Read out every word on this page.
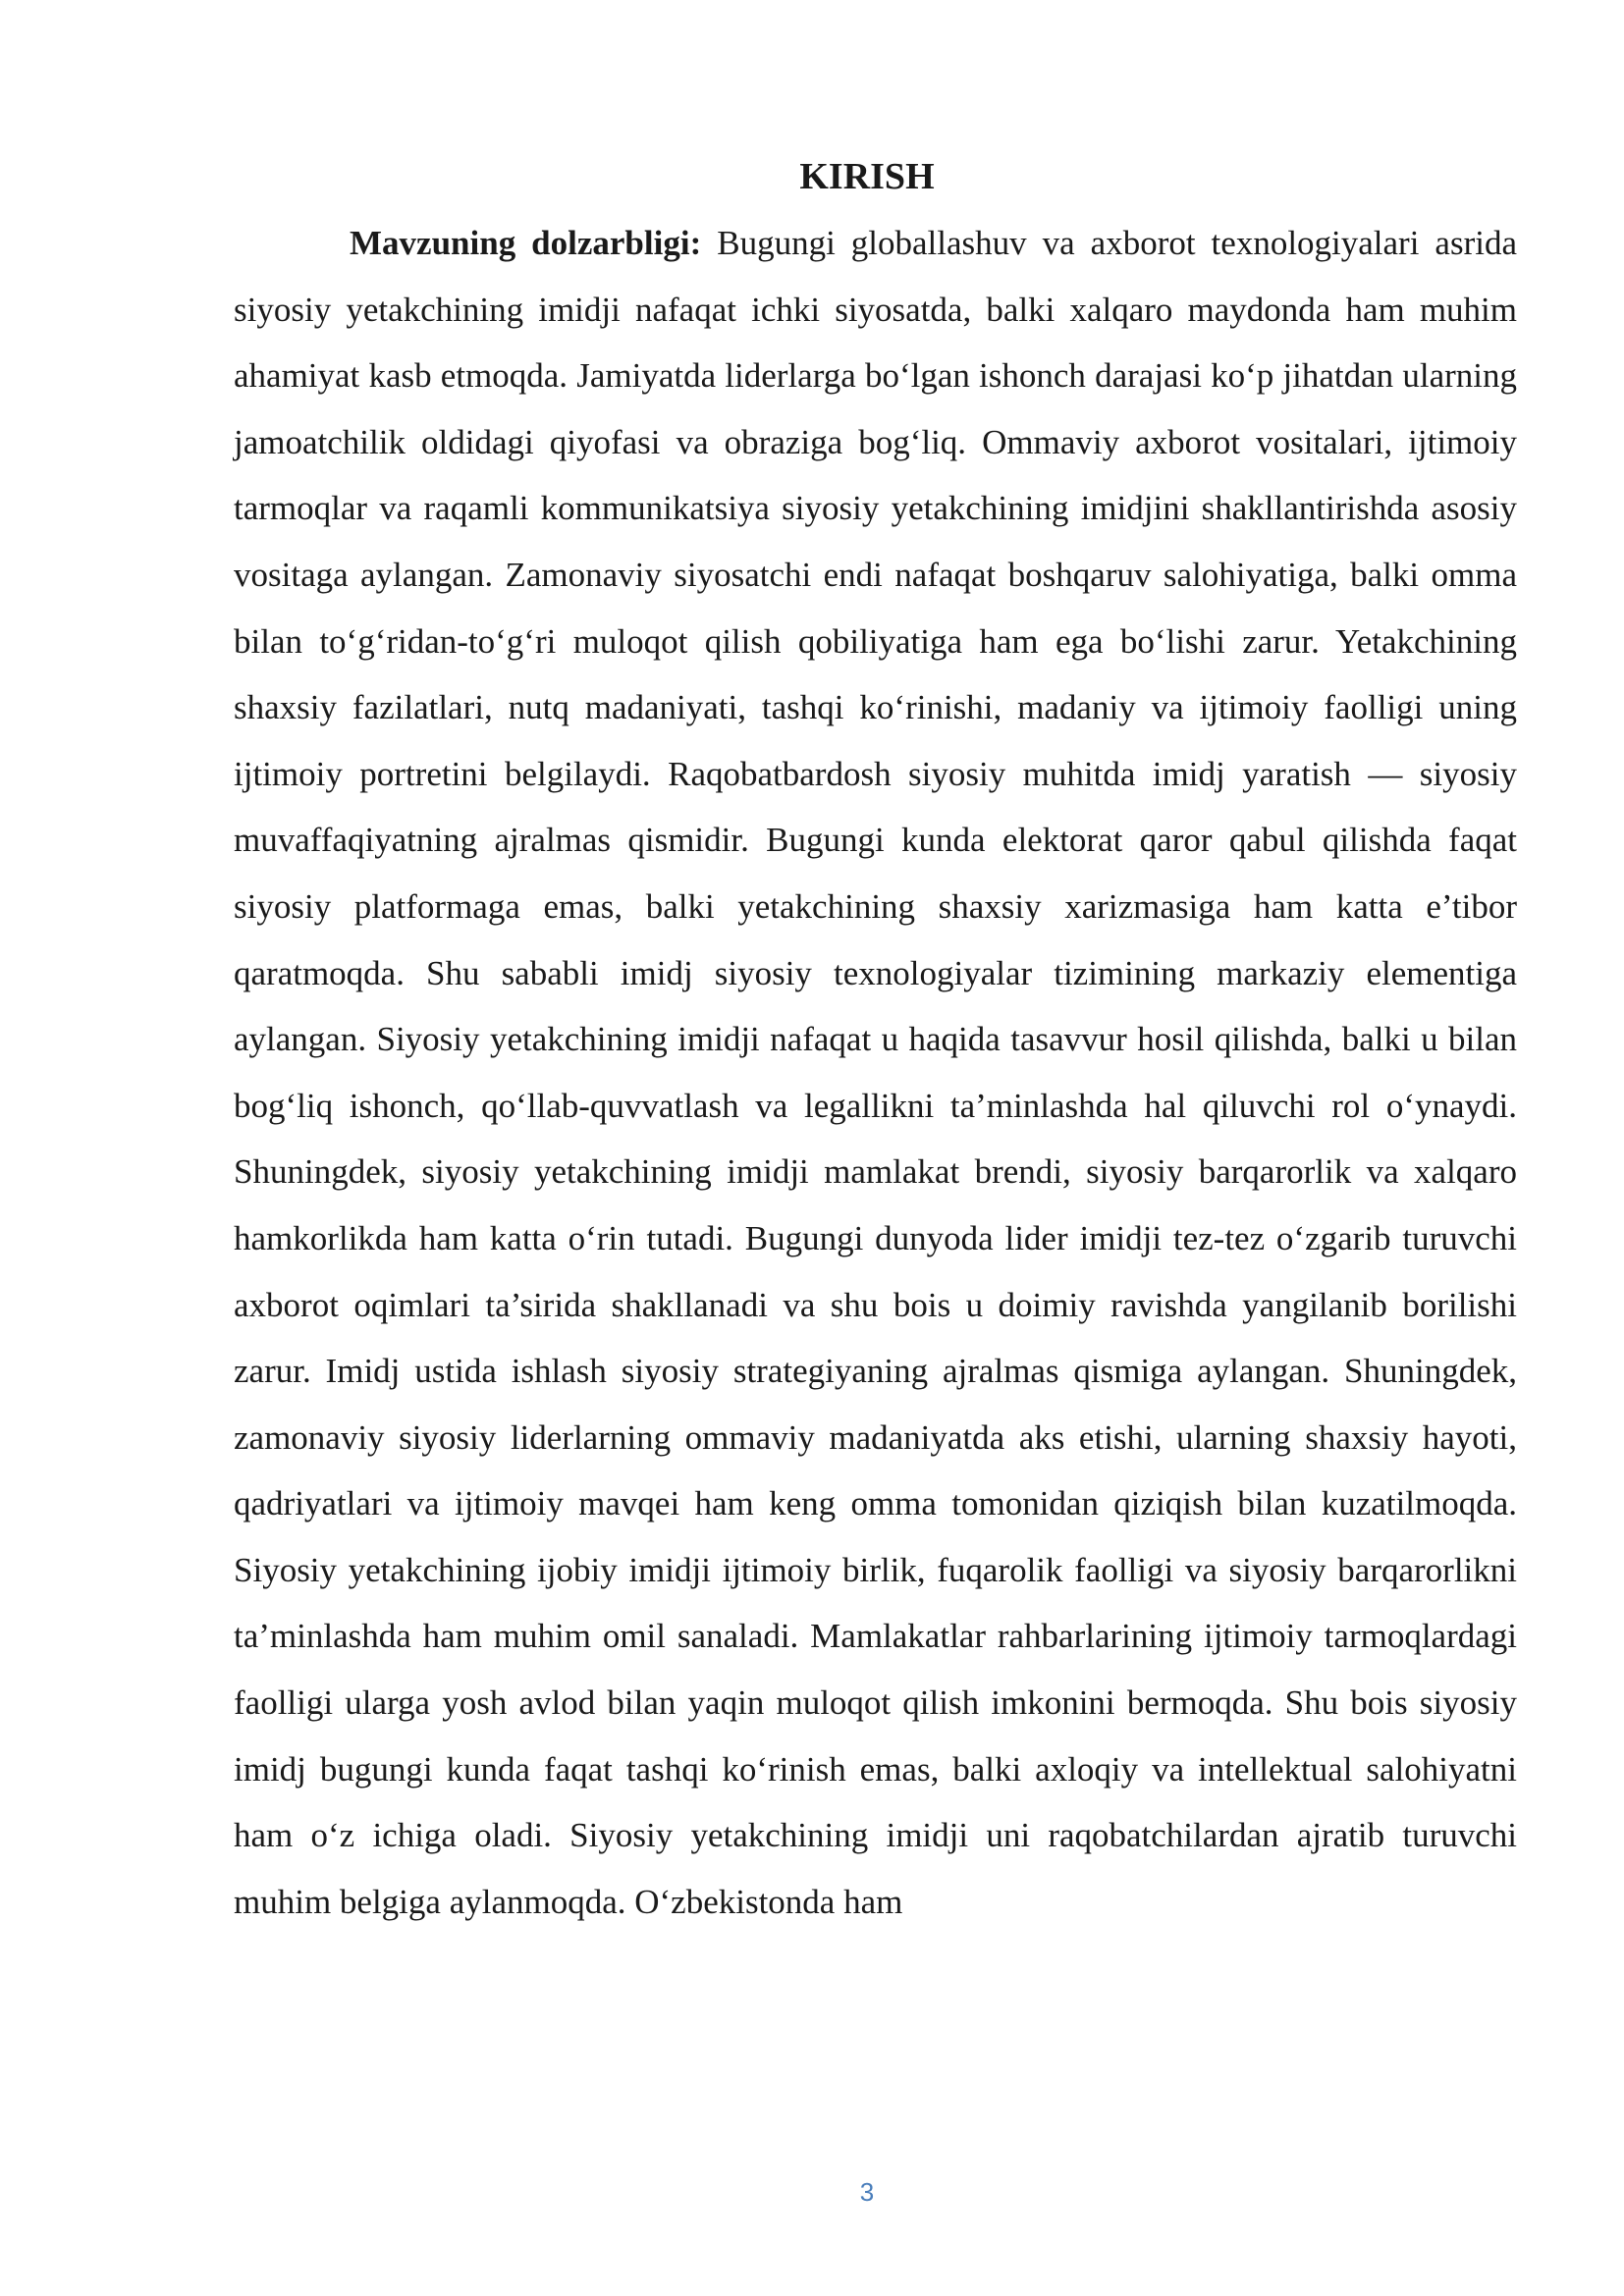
KIRISH

Mavzuning dolzarbligi: Bugungi globallashuv va axborot texnologiyalari asrida siyosiy yetakchining imidji nafaqat ichki siyosatda, balki xalqaro maydonda ham muhim ahamiyat kasb etmoqda. Jamiyatda liderlarga bo‘lgan ishonch darajasi ko‘p jihatdan ularning jamoatchilik oldidagi qiyofasi va obraziga bog‘liq. Ommaviy axborot vositalari, ijtimoiy tarmoqlar va raqamli kommunikatsiya siyosiy yetakchining imidjini shakllantirishda asosiy vositaga aylangan. Zamonaviy siyosatchi endi nafaqat boshqaruv salohiyatiga, balki omma bilan to‘g‘ridan-to‘g‘ri muloqot qilish qobiliyatiga ham ega bo‘lishi zarur. Yetakchining shaxsiy fazilatlari, nutq madaniyati, tashqi ko‘rinishi, madaniy va ijtimoiy faolligi uning ijtimoiy portretini belgilaydi. Raqobatbardosh siyosiy muhitda imidj yaratish — siyosiy muvaffaqiyatning ajralmas qismidir. Bugungi kunda elektorat qaror qabul qilishda faqat siyosiy platformaga emas, balki yetakchining shaxsiy xarizmasiga ham katta e’tibor qaratmoqda. Shu sababli imidj siyosiy texnologiyalar tizimining markaziy elementiga aylangan. Siyosiy yetakchining imidji nafaqat u haqida tasavvur hosil qilishda, balki u bilan bog‘liq ishonch, qo‘llab-quvvatlash va legallikni ta’minlashda hal qiluvchi rol o‘ynaydi. Shuningdek, siyosiy yetakchining imidji mamlakat brendi, siyosiy barqarorlik va xalqaro hamkorlikda ham katta o‘rin tutadi. Bugungi dunyoda lider imidji tez-tez o‘zgarib turuvchi axborot oqimlari ta’sirida shakllanadi va shu bois u doimiy ravishda yangilanib borilishi zarur. Imidj ustida ishlash siyosiy strategiyaning ajralmas qismiga aylangan. Shuningdek, zamonaviy siyosiy liderlarning ommaviy madaniyatda aks etishi, ularning shaxsiy hayoti, qadriyatlari va ijtimoiy mavqei ham keng omma tomonidan qiziqish bilan kuzatilmoqda. Siyosiy yetakchining ijobiy imidji ijtimoiy birlik, fuqarolik faolligi va siyosiy barqarorlikni ta’minlashda ham muhim omil sanaladi. Mamlakatlar rahbarlarining ijtimoiy tarmoqlardagi faolligi ularga yosh avlod bilan yaqin muloqot qilish imkonini bermoqda. Shu bois siyosiy imidj bugungi kunda faqat tashqi ko‘rinish emas, balki axloqiy va intellektual salohiyatni ham o‘z ichiga oladi. Siyosiy yetakchining imidji uni raqobatchilardan ajratib turuvchi muhim belgiga aylanmoqda. O‘zbekistonda ham

3
